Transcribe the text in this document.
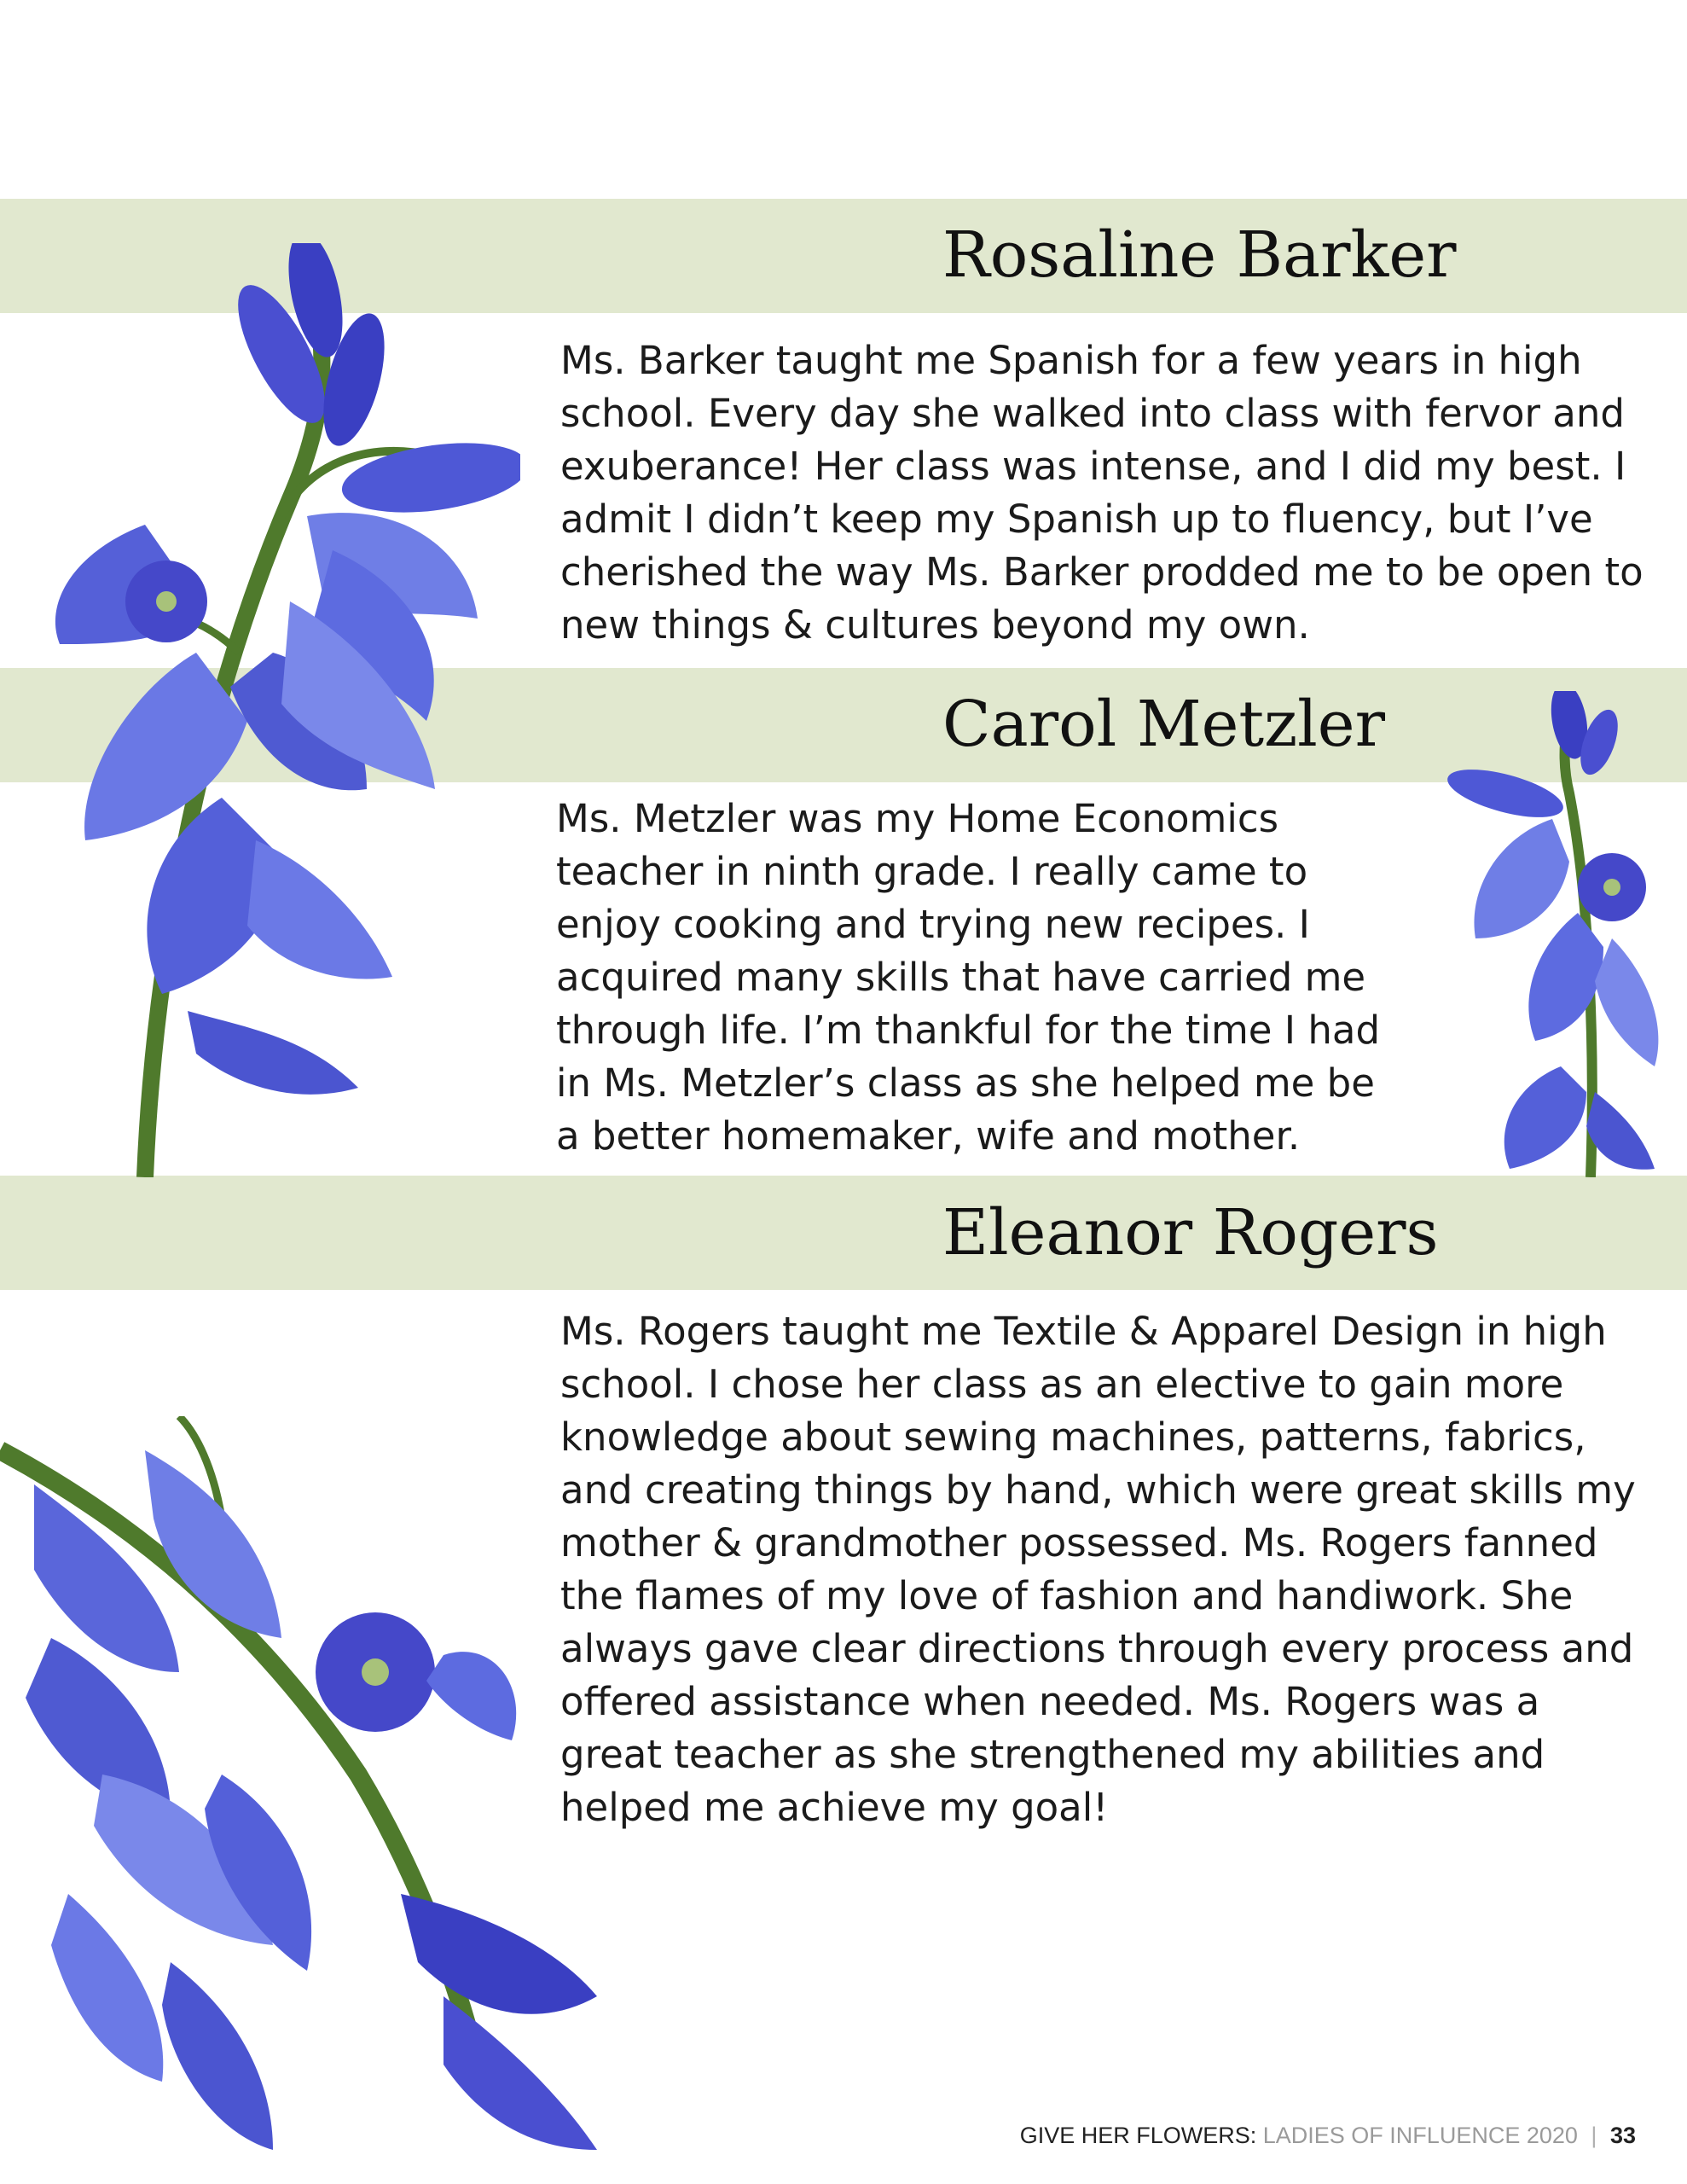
Rosaline Barker

Ms. Barker taught me Spanish for a few years in high school. Every day she walked into class with fervor and exuberance! Her class was intense, and I did my best. I admit I didn’t keep my Spanish up to fluency, but I’ve cherished the way Ms. Barker prodded me to be open to new things & cultures beyond my own.

Carol Metzler

Ms. Metzler was my Home Economics teacher in ninth grade. I really came to enjoy cooking and trying new recipes. I acquired many skills that have carried me through life. I’m thankful for the time I had in Ms. Metzler’s class as she helped me be a better homemaker, wife and mother.

Eleanor Rogers

Ms. Rogers taught me Textile & Apparel Design in high school. I chose her class as an elective to gain more knowledge about sewing machines, patterns, fabrics, and creating things by hand, which were great skills my mother & grandmother possessed. Ms. Rogers fanned the flames of my love of fashion and handiwork. She always gave clear directions through every process and offered assistance when needed. Ms. Rogers was a great teacher as she strengthened my abilities and helped me achieve my goal!

GIVE HER FLOWERS: LADIES OF INFLUENCE 2020 | 33
